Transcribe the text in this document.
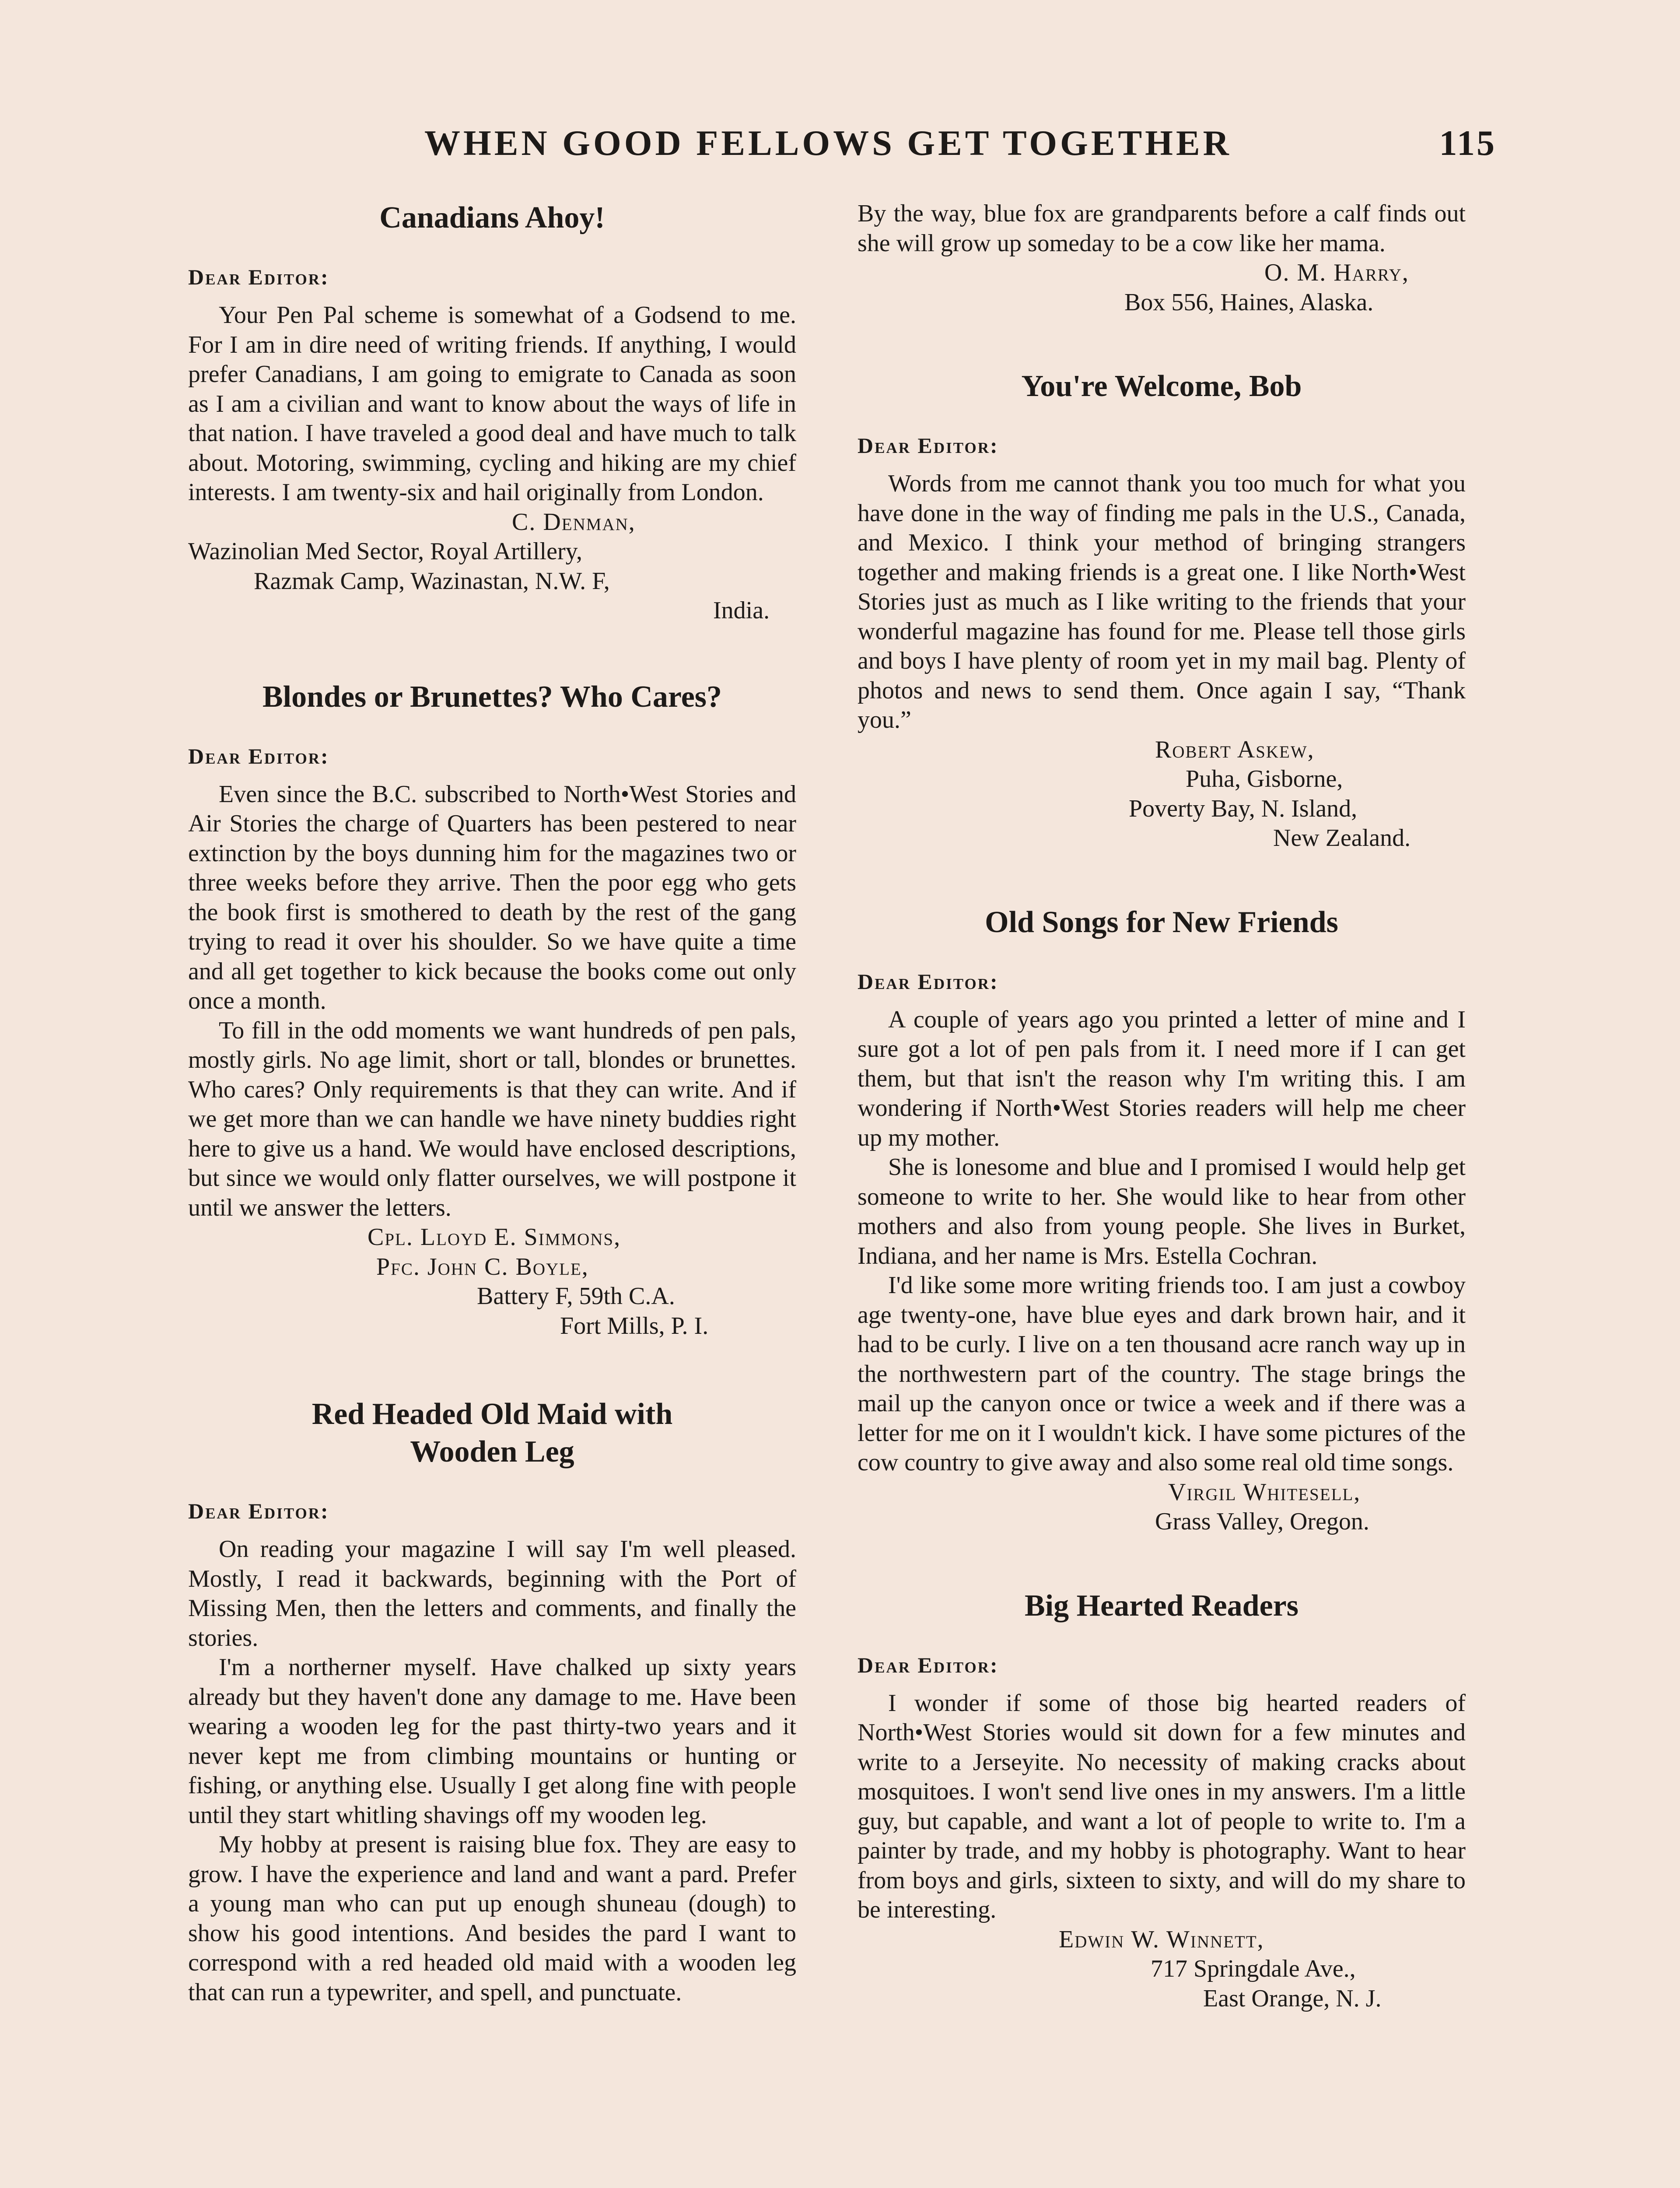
WHEN GOOD FELLOWS GET TOGETHER	115
Canadians Ahoy!
Dear Editor:

Your Pen Pal scheme is somewhat of a Godsend to me. For I am in dire need of writing friends. If anything, I would prefer Canadians, I am going to emigrate to Canada as soon as I am a civilian and want to know about the ways of life in that nation. I have traveled a good deal and have much to talk about. Motoring, swimming, cycling and hiking are my chief interests. I am twenty-six and hail originally from London.

C. Denman,
Wazinolian Med Sector, Royal Artillery,
Razmak Camp, Wazinastan, N.W. F,
India.
Blondes or Brunettes? Who Cares?
Dear Editor:

Even since the B.C. subscribed to North•West Stories and Air Stories the charge of Quarters has been pestered to near extinction by the boys dunning him for the magazines two or three weeks before they arrive. Then the poor egg who gets the book first is smothered to death by the rest of the gang trying to read it over his shoulder. So we have quite a time and all get together to kick because the books come out only once a month.

To fill in the odd moments we want hundreds of pen pals, mostly girls. No age limit, short or tall, blondes or brunettes. Who cares? Only requirements is that they can write. And if we get more than we can handle we have ninety buddies right here to give us a hand. We would have enclosed descriptions, but since we would only flatter ourselves, we will postpone it until we answer the letters.

Cpl. Lloyd E. Simmons,
Pfc. John C. Boyle,
Battery F, 59th C.A.
Fort Mills, P. I.
Red Headed Old Maid with
Wooden Leg
Dear Editor:

On reading your magazine I will say I'm well pleased. Mostly, I read it backwards, beginning with the Port of Missing Men, then the letters and comments, and finally the stories.

I'm a northerner myself. Have chalked up sixty years already but they haven't done any damage to me. Have been wearing a wooden leg for the past thirty-two years and it never kept me from climbing mountains or hunting or fishing, or anything else. Usually I get along fine with people until they start whitling shavings off my wooden leg.

My hobby at present is raising blue fox. They are easy to grow. I have the experience and land and want a pard. Prefer a young man who can put up enough shuneau (dough) to show his good intentions. And besides the pard I want to correspond with a red headed old maid with a wooden leg that can run a typewriter, and spell, and punctuate.

By the way, blue fox are grandparents before a calf finds out she will grow up someday to be a cow like her mama.

O. M. Harry,
Box 556, Haines, Alaska.
You're Welcome, Bob
Dear Editor:

Words from me cannot thank you too much for what you have done in the way of finding me pals in the U.S., Canada, and Mexico. I think your method of bringing strangers together and making friends is a great one. I like North•West Stories just as much as I like writing to the friends that your wonderful magazine has found for me. Please tell those girls and boys I have plenty of room yet in my mail bag. Plenty of photos and news to send them. Once again I say, “Thank you.”

Robert Askew,
Puha, Gisborne,
Poverty Bay, N. Island,
New Zealand.
Old Songs for New Friends
Dear Editor:

A couple of years ago you printed a letter of mine and I sure got a lot of pen pals from it. I need more if I can get them, but that isn't the reason why I'm writing this. I am wondering if North•West Stories readers will help me cheer up my mother.

She is lonesome and blue and I promised I would help get someone to write to her. She would like to hear from other mothers and also from young people. She lives in Burket, Indiana, and her name is Mrs. Estella Cochran.

I'd like some more writing friends too. I am just a cowboy age twenty-one, have blue eyes and dark brown hair, and it had to be curly. I live on a ten thousand acre ranch way up in the northwestern part of the country. The stage brings the mail up the canyon once or twice a week and if there was a letter for me on it I wouldn't kick. I have some pictures of the cow country to give away and also some real old time songs.

Virgil Whitesell,
Grass Valley, Oregon.
Big Hearted Readers
Dear Editor:

I wonder if some of those big hearted readers of North•West Stories would sit down for a few minutes and write to a Jerseyite. No necessity of making cracks about mosquitoes. I won't send live ones in my answers. I'm a little guy, but capable, and want a lot of people to write to. I'm a painter by trade, and my hobby is photography. Want to hear from boys and girls, sixteen to sixty, and will do my share to be interesting.

Edwin W. Winnett,
717 Springdale Ave.,
East Orange, N. J.
